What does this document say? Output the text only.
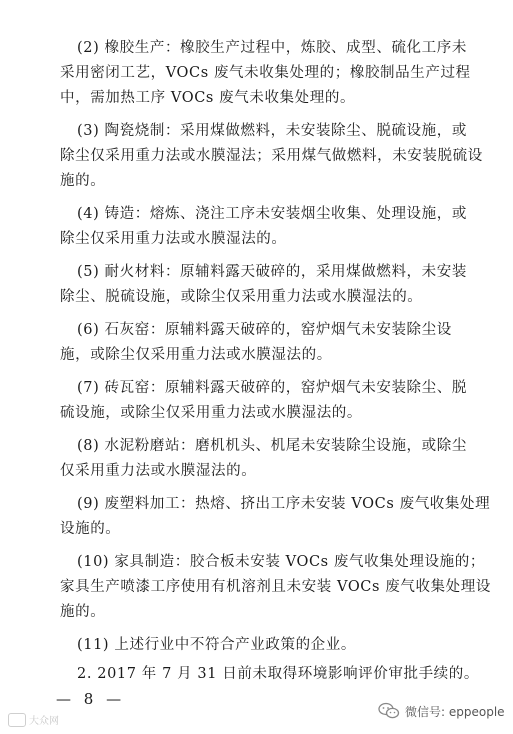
(2) 橡胶生产：橡胶生产过程中，炼胶、成型、硫化工序未
采用密闭工艺，VOCs 废气未收集处理的；橡胶制品生产过程
中，需加热工序 VOCs 废气未收集处理的。
(3) 陶瓷烧制：采用煤做燃料，未安装除尘、脱硫设施，或
除尘仅采用重力法或水膜湿法；采用煤气做燃料，未安装脱硫设
施的。
(4) 铸造：熔炼、浇注工序未安装烟尘收集、处理设施，或
除尘仅采用重力法或水膜湿法的。
(5) 耐火材料：原辅料露天破碎的，采用煤做燃料，未安装
除尘、脱硫设施，或除尘仅采用重力法或水膜湿法的。
(6) 石灰窑：原辅料露天破碎的，窑炉烟气未安装除尘设
施，或除尘仅采用重力法或水膜湿法的。
(7) 砖瓦窑：原辅料露天破碎的，窑炉烟气未安装除尘、脱
硫设施，或除尘仅采用重力法或水膜湿法的。
(8) 水泥粉磨站：磨机机头、机尾未安装除尘设施，或除尘
仅采用重力法或水膜湿法的。
(9) 废塑料加工：热熔、挤出工序未安装 VOCs 废气收集处理
设施的。
(10) 家具制造：胶合板未安装 VOCs 废气收集处理设施的；
家具生产喷漆工序使用有机溶剂且未安装 VOCs 废气收集处理设
施的。
(11) 上述行业中不符合产业政策的企业。
2. 2017 年 7 月 31 日前未取得环境影响评价审批手续的。
— 8 —
大众网
微信号: eppeople
